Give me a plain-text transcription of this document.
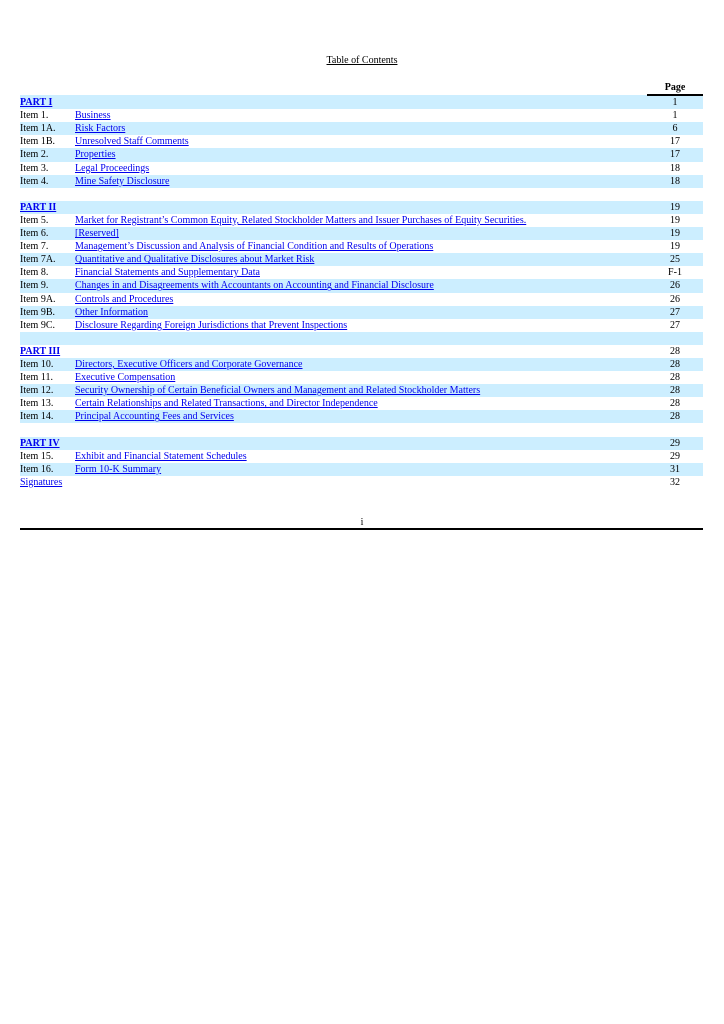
Table of Contents
		Page
PART I		1
Item 1.	Business	1
Item 1A.	Risk Factors	6
Item 1B.	Unresolved Staff Comments	17
Item 2.	Properties	17
Item 3.	Legal Proceedings	18
Item 4.	Mine Safety Disclosure	18

PART II		19
Item 5.	Market for Registrant’s Common Equity, Related Stockholder Matters and Issuer Purchases of Equity Securities.	19
Item 6.	[Reserved]	19
Item 7.	Management’s Discussion and Analysis of Financial Condition and Results of Operations	19
Item 7A.	Quantitative and Qualitative Disclosures about Market Risk	25
Item 8.	Financial Statements and Supplementary Data	F-1
Item 9.	Changes in and Disagreements with Accountants on Accounting and Financial Disclosure	26
Item 9A.	Controls and Procedures	26
Item 9B.	Other Information	27
Item 9C.	Disclosure Regarding Foreign Jurisdictions that Prevent Inspections	27

PART III		28
Item 10.	Directors, Executive Officers and Corporate Governance	28
Item 11.	Executive Compensation	28
Item 12.	Security Ownership of Certain Beneficial Owners and Management and Related Stockholder Matters	28
Item 13.	Certain Relationships and Related Transactions, and Director Independence	28
Item 14.	Principal Accounting Fees and Services	28

PART IV		29
Item 15.	Exhibit and Financial Statement Schedules	29
Item 16.	Form 10-K Summary	31
Signatures		32
i
